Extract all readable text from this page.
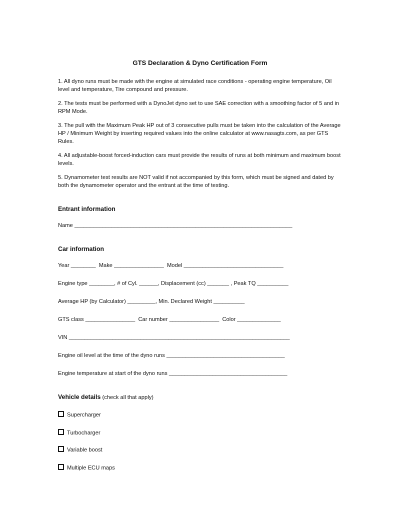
GTS Declaration & Dyno Certification Form

1. All dyno runs must be made with the engine at simulated race conditions - operating engine temperature, Oil level and temperature, Tire compound and pressure.

2. The tests must be performed with a DynoJet dyno set to use SAE correction with a smoothing factor of 5 and in RPM Mode.

3. The pull with the Maximum Peak HP out of 3 consecutive pulls must be taken into the calculation of the Average HP / Minimum Weight by inserting required values into the online calculator at www.nasagts.com, as per GTS Rules.

4. All adjustable-boost forced-induction cars must provide the results of runs at both minimum and maximum boost levels.

5. Dynamometer test results are NOT valid if not accompanied by this form, which must be signed and dated by both the dynamometer operator and the entrant at the time of testing.

Entrant information

Name ______________________________________________________________________

Car information

Year ________  Make ________________  Model ________________________________

Engine type ________, # of Cyl. ______, Displacement (cc) _______ , Peak TQ __________

Average HP (by Calculator) _________, Min. Declared Weight __________

GTS class ________________  Car number ________________  Color ______________

VIN _______________________________________________________________________

Engine oil level at the time of the dyno runs ______________________________________

Engine temperature at start of the dyno runs ______________________________________

Vehicle details (check all that apply)

Supercharger

Turbocharger

Variable boost

Multiple ECU maps
